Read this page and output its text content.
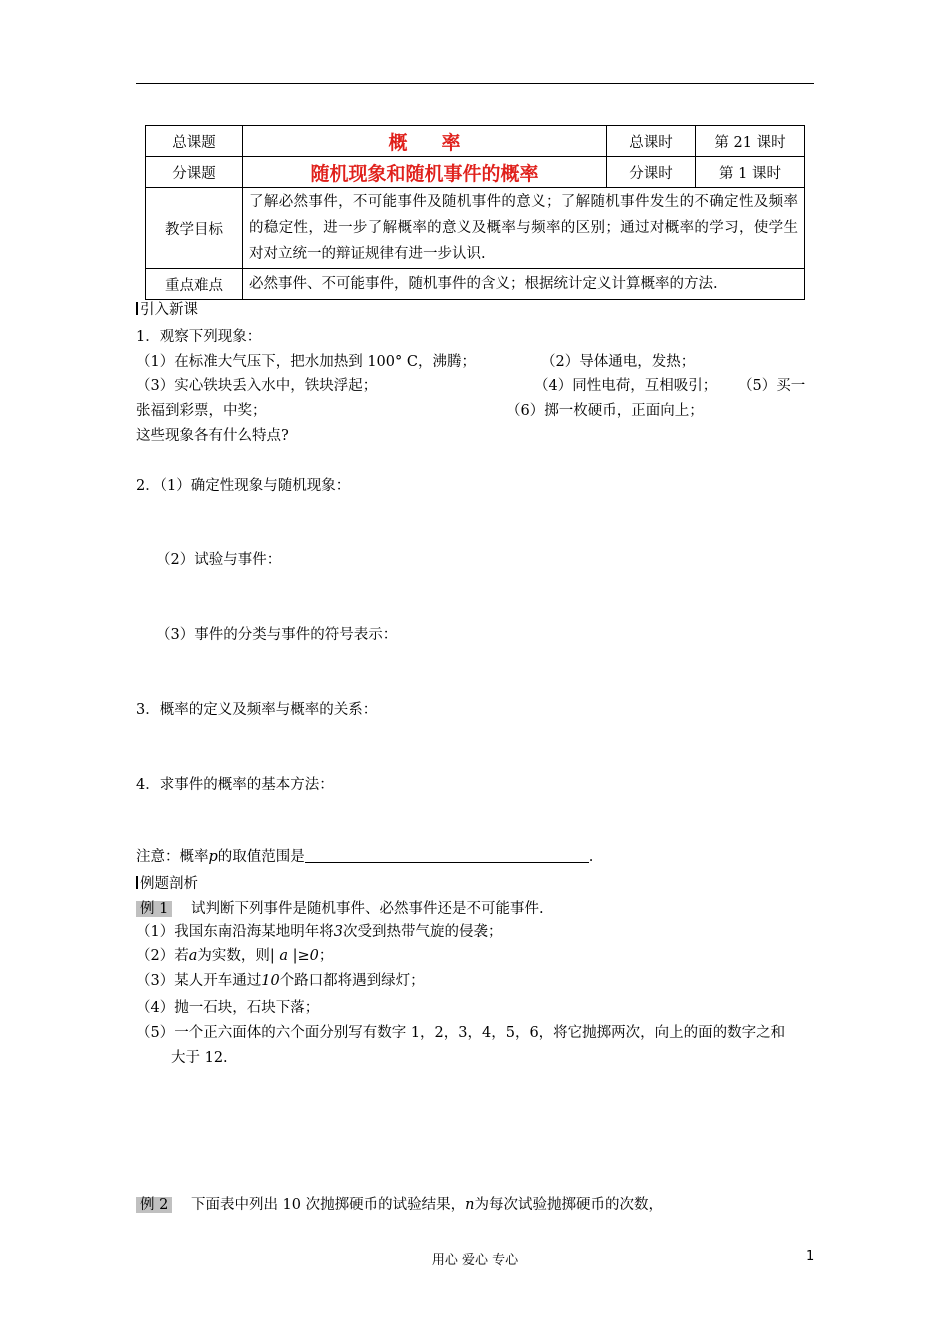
总课题	概率	总课时	第 21 课时
分课题	随机现象和随机事件的概率	分课时	第 1 课时
教学目标	了解必然事件，不可能事件及随机事件的意义；了解随机事件发生的不确定性及频率的稳定性，进一步了解概率的意义及概率与频率的区别；通过对概率的学习，使学生对对立统一的辩证规律有进一步认识.		
重点难点	必然事件、不可能事件，随机事件的含义；根据统计定义计算概率的方法.		
引入新课
1．观察下列现象：
（1）在标准大气压下，把水加热到 100° C，沸腾；	（2）导体通电，发热；
（3）实心铁块丢入水中，铁块浮起；	（4）同性电荷，互相吸引； （5）买一
张福到彩票，中奖；	（6）掷一枚硬币，正面向上；
这些现象各有什么特点?
2．（1）确定性现象与随机现象：
（2）试验与事件：
（3）事件的分类与事件的符号表示：
3．概率的定义及频率与概率的关系：
4．求事件的概率的基本方法：
注意：概率p的取值范围是	.
例题剖析
例 1 试判断下列事件是随机事件、必然事件还是不可能事件.
（1）我国东南沿海某地明年将3次受到热带气旋的侵袭；
（2）若a为实数，则| a |≥0；
（3）某人开车通过10个路口都将遇到绿灯；
（4）抛一石块，石块下落；
（5）一个正六面体的六个面分别写有数字 1，2，3，4，5，6，将它抛掷两次，向上的面的数字之和
大于 12.
例 2 下面表中列出 10 次抛掷硬币的试验结果，n为每次试验抛掷硬币的次数，
用心 爱心 专心	1
